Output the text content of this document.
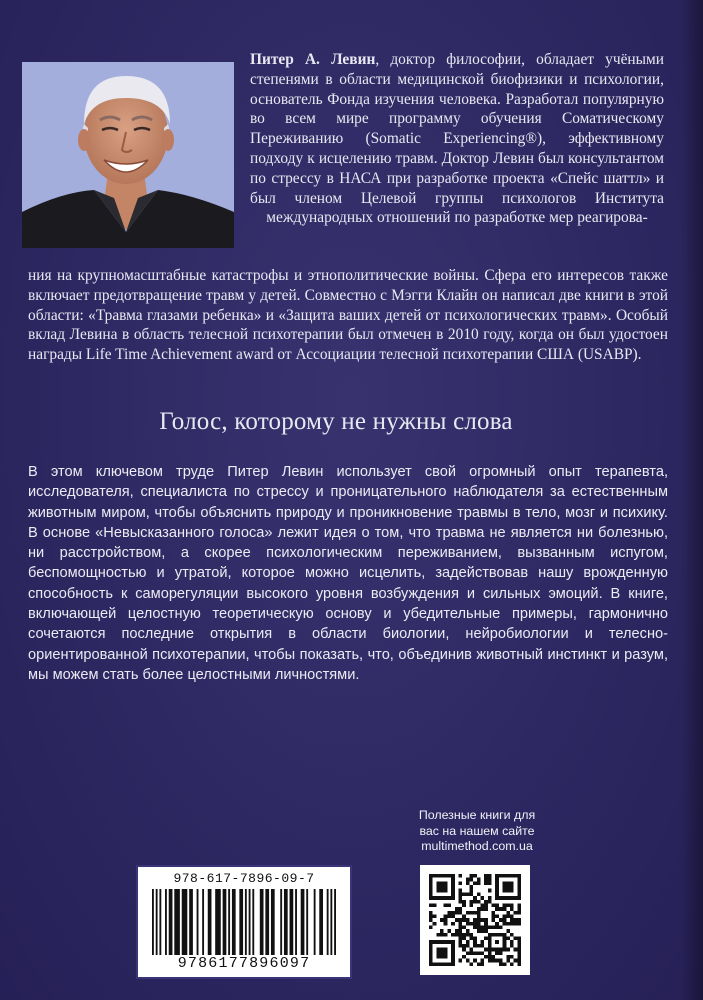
Питер А. Левин, доктор философии, обладает учёными степенями в области медицинской биофизики и психологии, основатель Фонда изучения человека. Разработал популярную во всем мире программу обучения Соматическому Переживанию (Somatic Experiencing®), эффективному подходу к исцелению травм. Доктор Левин был консультантом по стрессу в НАСА при разработке проекта «Спейс шаттл» и был членом Целевой группы психологов Института международных отношений по разработке мер реагирова-

ния на крупномасштабные катастрофы и этнополитические войны. Сфера его интересов также включает предотвращение травм у детей. Совместно с Мэгги Клайн он написал две книги в этой области: «Травма глазами ребенка» и «Защита ваших детей от психологических травм». Особый вклад Левина в область телесной психотерапии был отмечен в 2010 году, когда он был удостоен награды Life Time Achievement award от Ассоциации телесной психотерапии США (USABP).

Голос, которому не нужны слова

В этом ключевом труде Питер Левин использует свой огромный опыт терапевта, исследователя, специалиста по стрессу и проницательного наблюдателя за естественным животным миром, чтобы объяснить природу и проникновение травмы в тело, мозг и психику. В основе «Невысказанного голоса» лежит идея о том, что травма не является ни болезнью, ни расстройством, а скорее психологическим переживанием, вызванным испугом, беспомощностью и утратой, которое можно исцелить, задействовав нашу врожденную способность к саморегуляции высокого уровня возбуждения и сильных эмоций. В книге, включающей целостную теоретическую основу и убедительные примеры, гармонично сочетаются последние открытия в области биологии, нейробиологии и телесно-ориентированной психотерапии, чтобы показать, что, объединив животный инстинкт и разум, мы можем стать более целостными личностями.

Полезные книги для
вас на нашем сайте
multimethod.com.ua
978-617-7896-09-7
9786177896097
